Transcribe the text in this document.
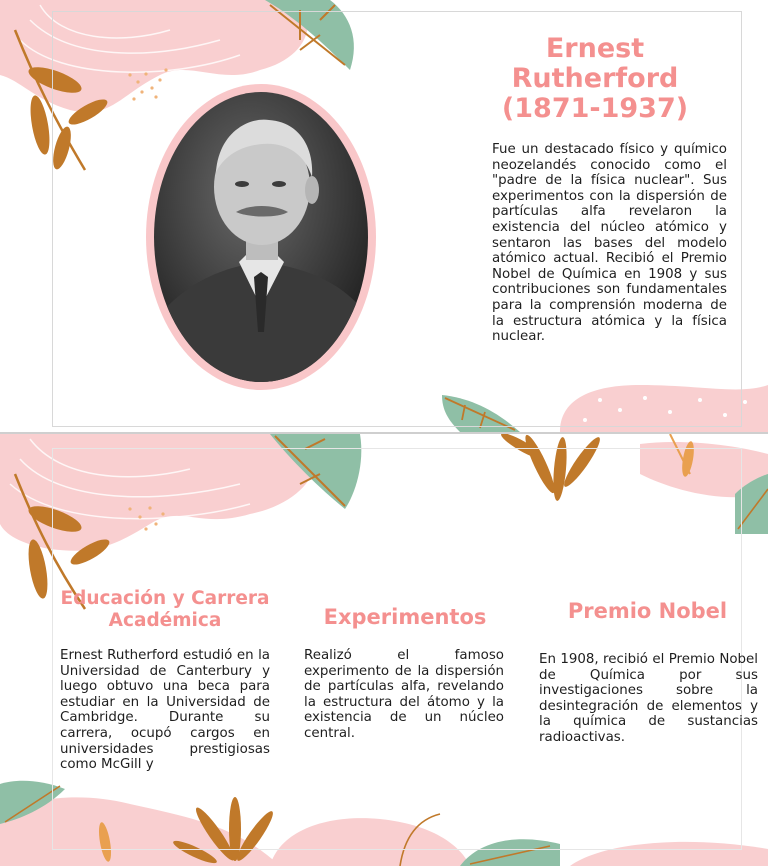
Ernest Rutherford (1871-1937)

Fue un destacado físico y químico neozelandés conocido como el "padre de la física nuclear". Sus experimentos con la dispersión de partículas alfa revelaron la existencia del núcleo atómico y sentaron las bases del modelo atómico actual. Recibió el Premio Nobel de Química en 1908 y sus contribuciones son fundamentales para la comprensión moderna de la estructura atómica y la física nuclear.

Educación y Carrera Académica

Ernest Rutherford estudió en la Universidad de Canterbury y luego obtuvo una beca para estudiar en la Universidad de Cambridge. Durante su carrera, ocupó cargos en universidades prestigiosas como McGill y

Experimentos

Realizó el famoso experimento de la dispersión de partículas alfa, revelando la estructura del átomo y la existencia de un núcleo central.

Premio Nobel

En 1908, recibió el Premio Nobel de Química por sus investigaciones sobre la desintegración de elementos y la química de sustancias radioactivas.
